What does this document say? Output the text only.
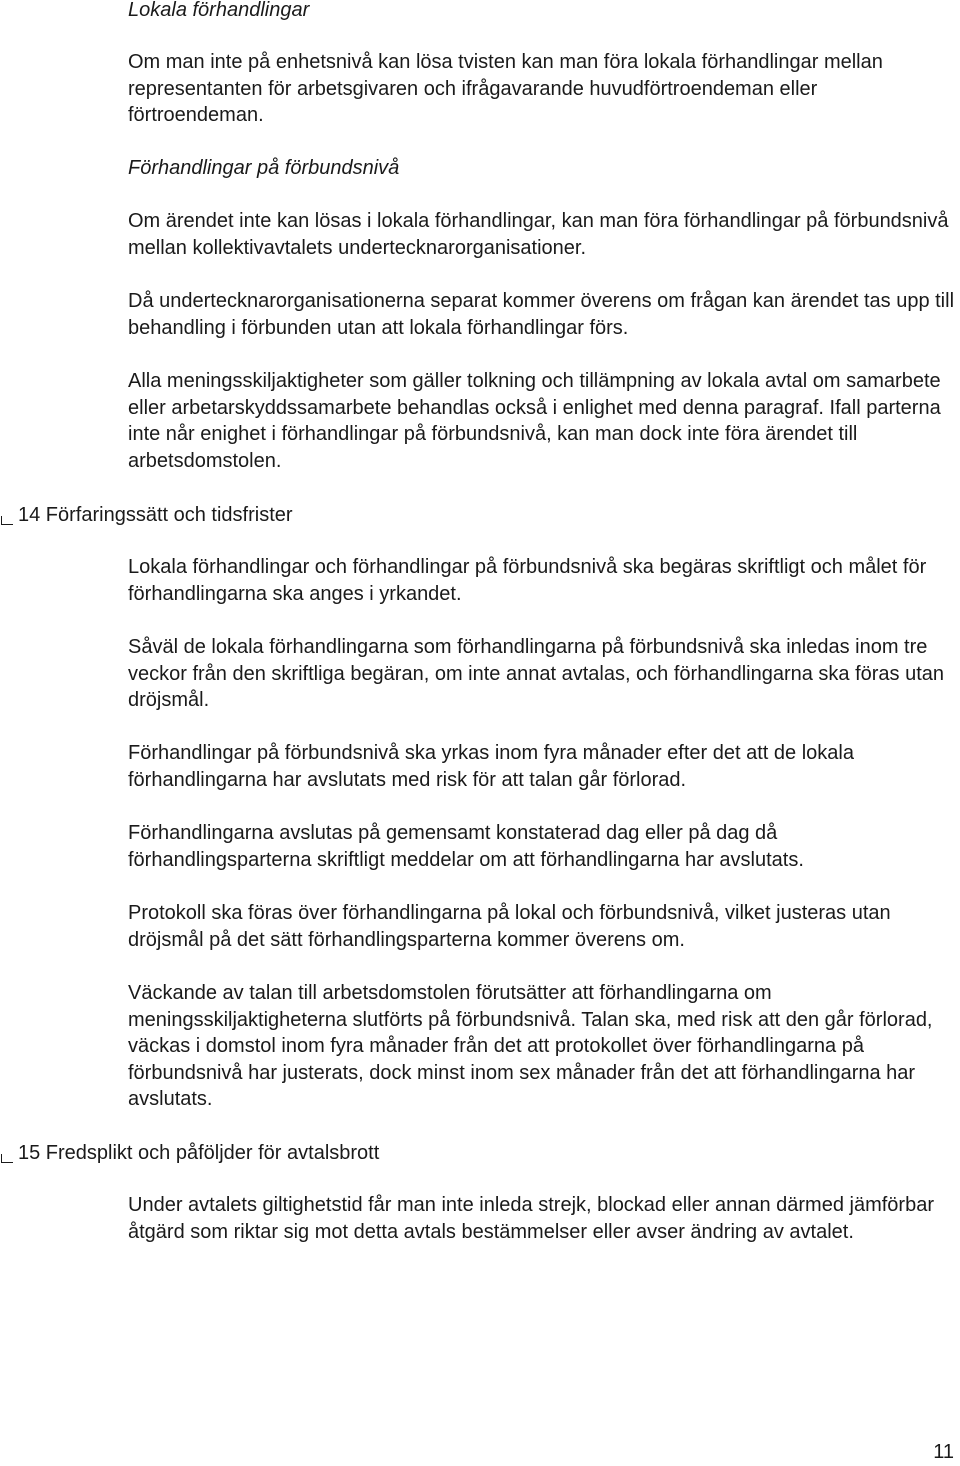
Lokala förhandlingar

Om man inte på enhetsnivå kan lösa tvisten kan man föra lokala förhandlingar mellan representanten för arbetsgivaren och ifrågavarande huvudförtroendeman eller förtroendeman.

Förhandlingar på förbundsnivå

Om ärendet inte kan lösas i lokala förhandlingar, kan man föra förhandlingar på förbundsnivå mellan kollektivavtalets undertecknarorganisationer.

Då undertecknarorganisationerna separat kommer överens om frågan kan ärendet tas upp till behandling i förbunden utan att lokala förhandlingar förs.

Alla meningsskiljaktigheter som gäller tolkning och tillämpning av lokala avtal om samarbete eller arbetarskyddssamarbete behandlas också i enlighet med denna paragraf. Ifall parterna inte når enighet i förhandlingar på förbundsnivå, kan man dock inte föra ärendet till arbetsdomstolen.

14 Förfaringssätt och tidsfrister

Lokala förhandlingar och förhandlingar på förbundsnivå ska begäras skriftligt och målet för förhandlingarna ska anges i yrkandet.

Såväl de lokala förhandlingarna som förhandlingarna på förbundsnivå ska inledas inom tre veckor från den skriftliga begäran, om inte annat avtalas, och förhandlingarna ska föras utan dröjsmål.

Förhandlingar på förbundsnivå ska yrkas inom fyra månader efter det att de lokala förhandlingarna har avslutats med risk för att talan går förlorad.

Förhandlingarna avslutas på gemensamt konstaterad dag eller på dag då förhandlingsparterna skriftligt meddelar om att förhandlingarna har avslutats.

Protokoll ska föras över förhandlingarna på lokal och förbundsnivå, vilket justeras utan dröjsmål på det sätt förhandlingsparterna kommer överens om.

Väckande av talan till arbetsdomstolen förutsätter att förhandlingarna om meningsskiljaktigheterna slutförts på förbundsnivå. Talan ska, med risk att den går förlorad, väckas i domstol inom fyra månader från det att protokollet över förhandlingarna på förbundsnivå har justerats, dock minst inom sex månader från det att förhandlingarna har avslutats.

15 Fredsplikt och påföljder för avtalsbrott

Under avtalets giltighetstid får man inte inleda strejk, blockad eller annan därmed jämförbar åtgärd som riktar sig mot detta avtals bestämmelser eller avser ändring av avtalet.

11
